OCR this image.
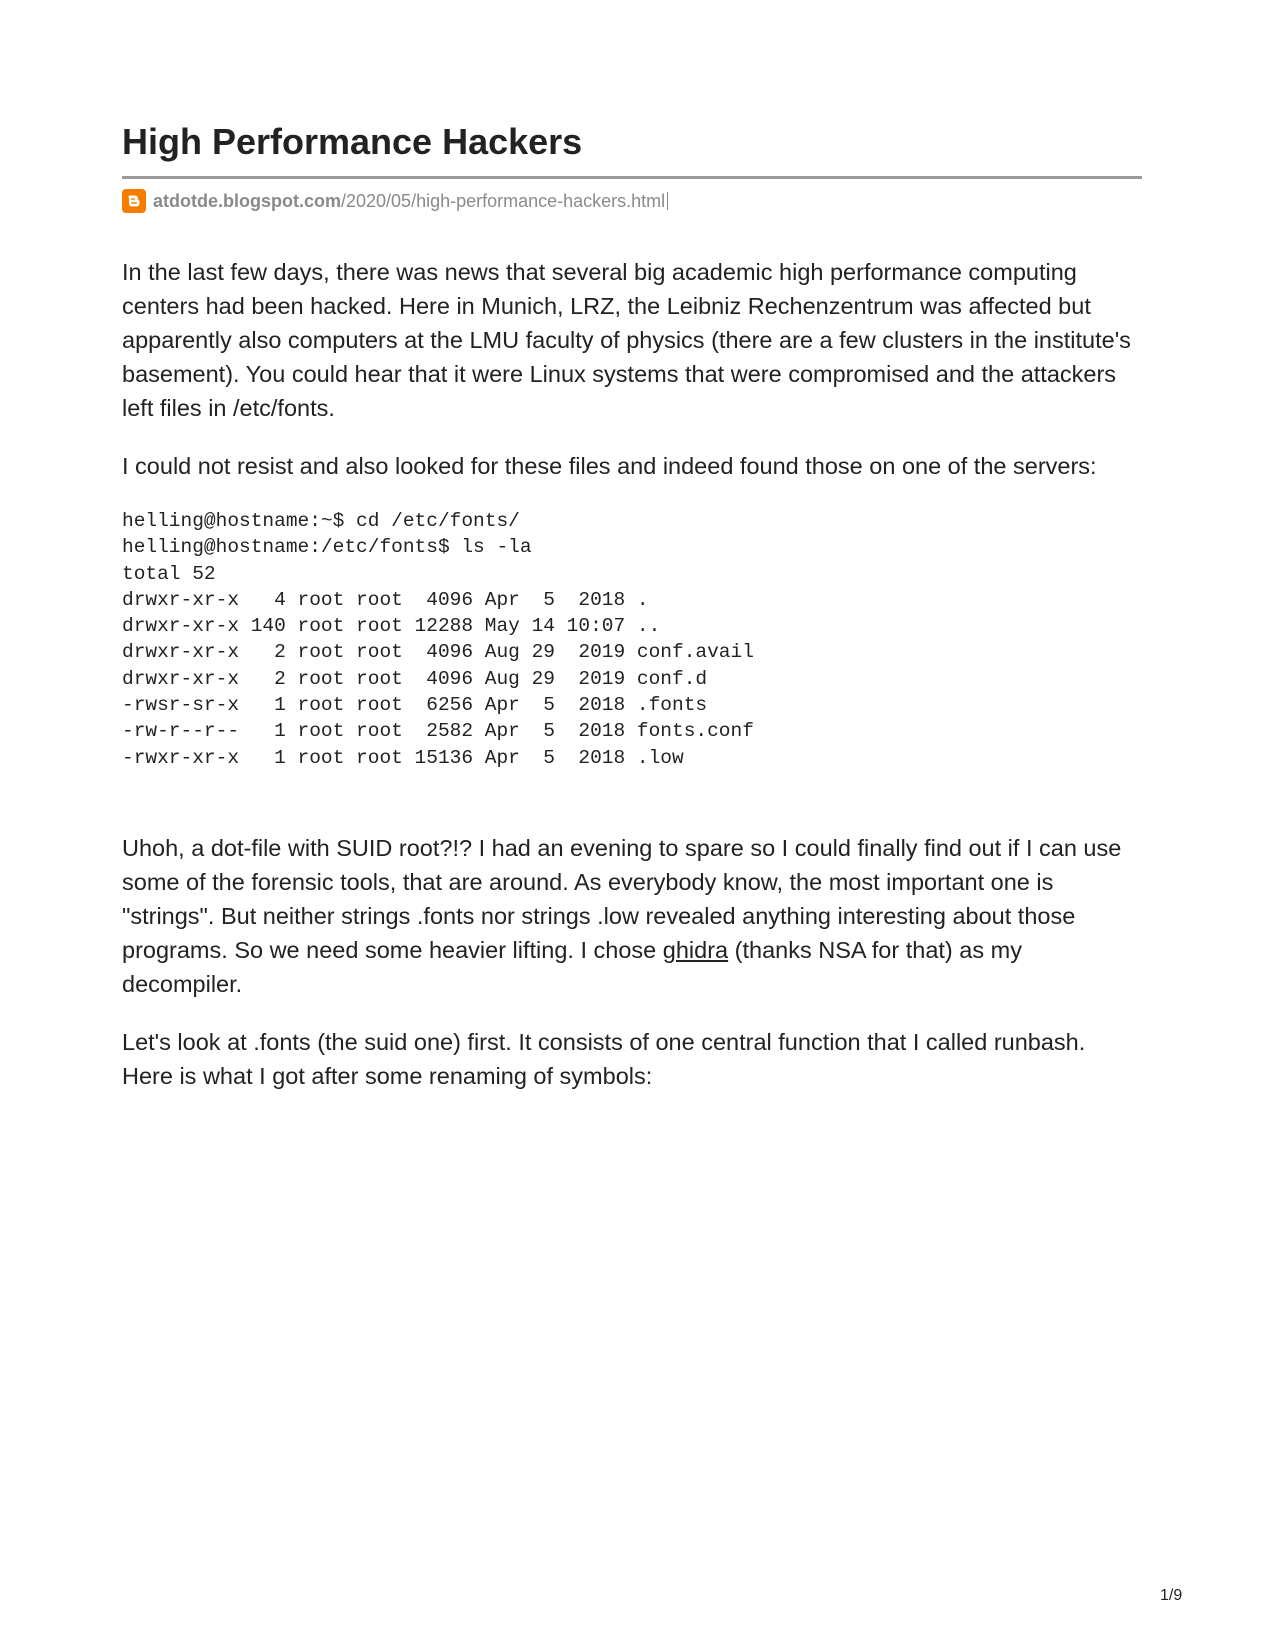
High Performance Hackers
atdotde.blogspot.com /2020/05/high-performance-hackers.html

In the last few days, there was news that several big academic high performance computing centers had been hacked. Here in Munich, LRZ, the Leibniz Rechenzentrum was affected but apparently also computers at the LMU faculty of physics (there are a few clusters in the institute's basement). You could hear that it were Linux systems that were compromised and the attackers left files in /etc/fonts.

I could not resist and also looked for these files and indeed found those on one of the servers:

helling@hostname:~$ cd /etc/fonts/
helling@hostname:/etc/fonts$ ls -la
total 52
drwxr-xr-x   4 root root  4096 Apr  5  2018 .
drwxr-xr-x 140 root root 12288 May 14 10:07 ..
drwxr-xr-x   2 root root  4096 Aug 29  2019 conf.avail
drwxr-xr-x   2 root root  4096 Aug 29  2019 conf.d
-rwsr-sr-x   1 root root  6256 Apr  5  2018 .fonts
-rw-r--r--   1 root root  2582 Apr  5  2018 fonts.conf
-rwxr-xr-x   1 root root 15136 Apr  5  2018 .low

Uhoh, a dot-file with SUID root?!? I had an evening to spare so I could finally find out if I can use some of the forensic tools, that are around. As everybody know, the most important one is "strings". But neither strings .fonts nor strings .low revealed anything interesting about those programs. So we need some heavier lifting. I chose ghidra (thanks NSA for that) as my decompiler.

Let's look at .fonts (the suid one) first. It consists of one central function that I called runbash. Here is what I got after some renaming of symbols:

1/9
